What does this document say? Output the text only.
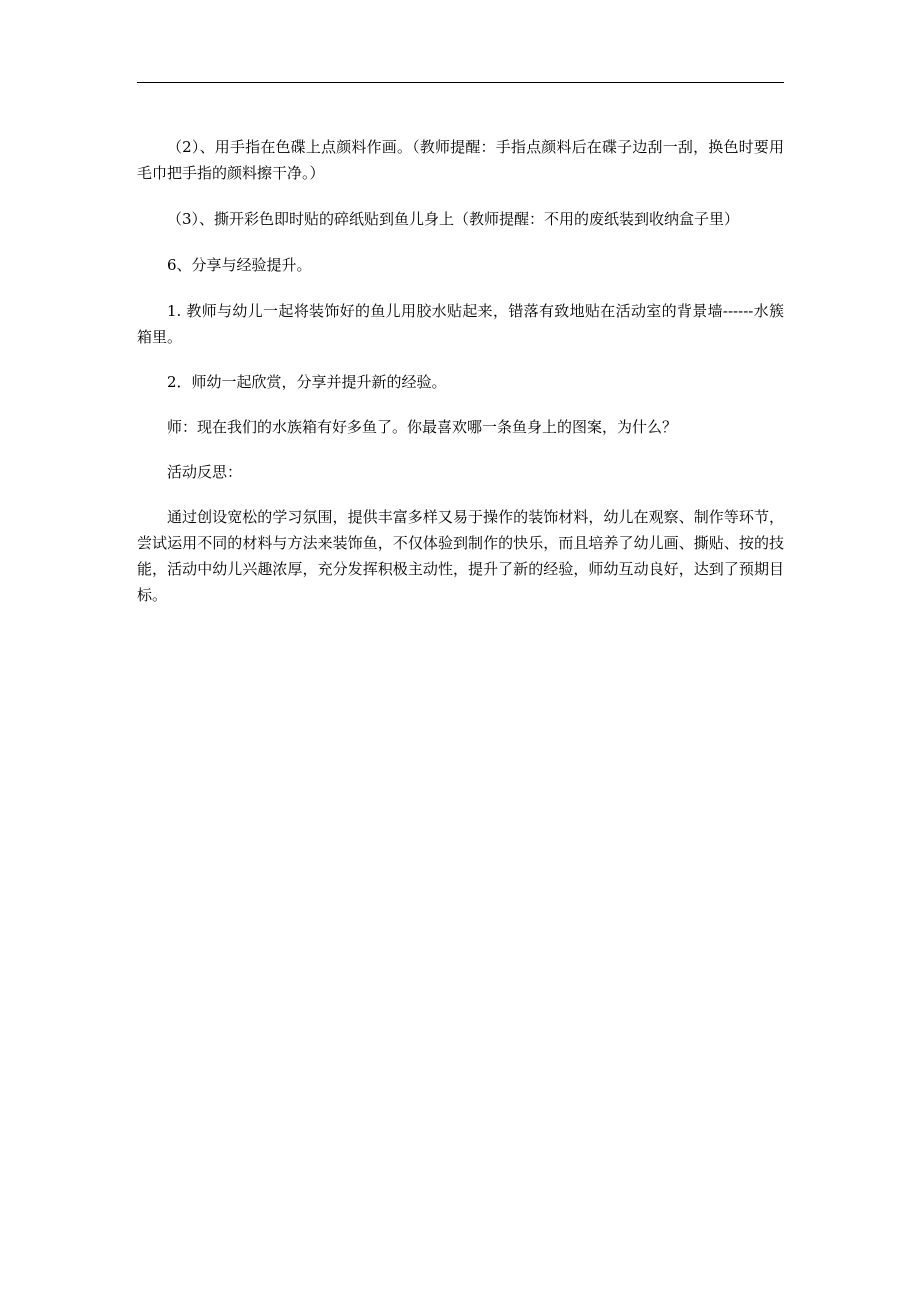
（2）、用手指在色碟上点颜料作画。（教师提醒：手指点颜料后在碟子边刮一刮，换色时要用毛巾把手指的颜料擦干净。）

（3）、撕开彩色即时贴的碎纸贴到鱼儿身上（教师提醒：不用的废纸装到收纳盒子里）

6、分享与经验提升。

1. 教师与幼儿一起将装饰好的鱼儿用胶水贴起来，错落有致地贴在活动室的背景墙------水簇箱里。

2．师幼一起欣赏，分享并提升新的经验。

师：现在我们的水族箱有好多鱼了。你最喜欢哪一条鱼身上的图案，为什么？

活动反思：

通过创设宽松的学习氛围，提供丰富多样又易于操作的装饰材料，幼儿在观察、制作等环节，尝试运用不同的材料与方法来装饰鱼，不仅体验到制作的快乐，而且培养了幼儿画、撕贴、按的技能，活动中幼儿兴趣浓厚，充分发挥积极主动性，提升了新的经验，师幼互动良好，达到了预期目标。
